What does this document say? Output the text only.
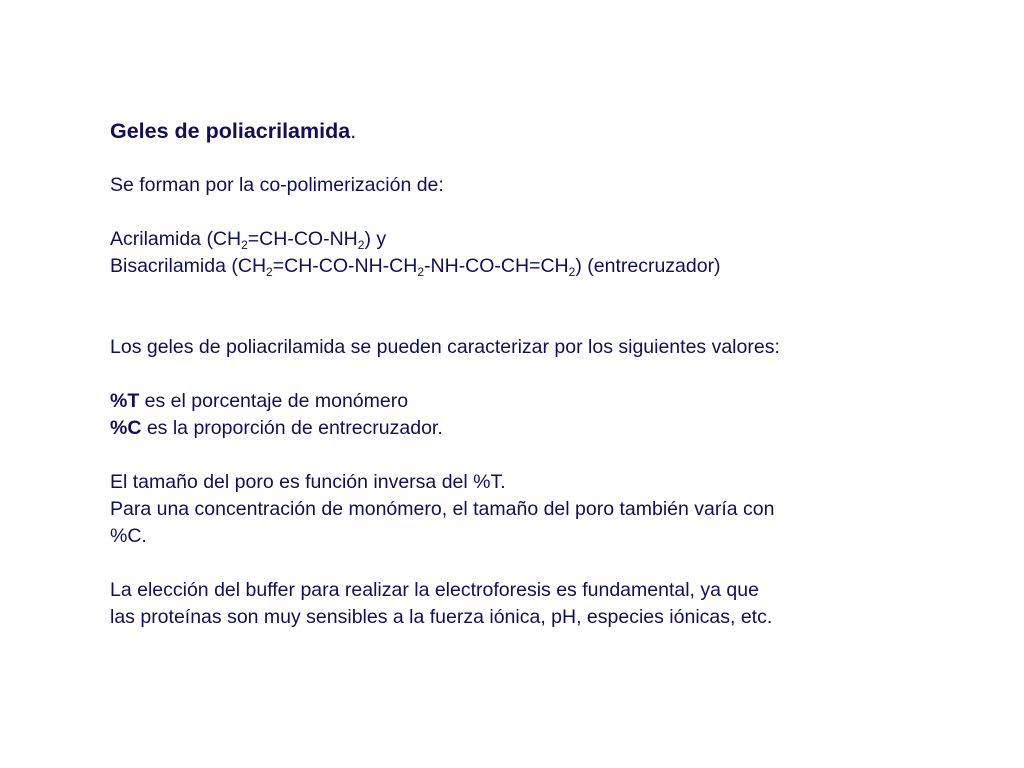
Geles de poliacrilamida.
Se forman por la co-polimerización de:
Acrilamida $(CH_2=CH-CO-NH_2)$ y
Bisacrilamida $(CH_2=CH-CO-NH-CH_2-NH-CO-CH=CH_2)$ (entrecruzador)
Los geles de poliacrilamida se pueden caracterizar por los siguientes valores:
%T es el porcentaje de monómero
%C es la proporción de entrecruzador.
El tamaño del poro es función inversa del %T.
Para una concentración de monómero, el tamaño del poro también varía con
%C.
La elección del buffer para realizar la electroforesis es fundamental, ya que
las proteínas son muy sensibles a la fuerza iónica, pH, especies iónicas, etc.
